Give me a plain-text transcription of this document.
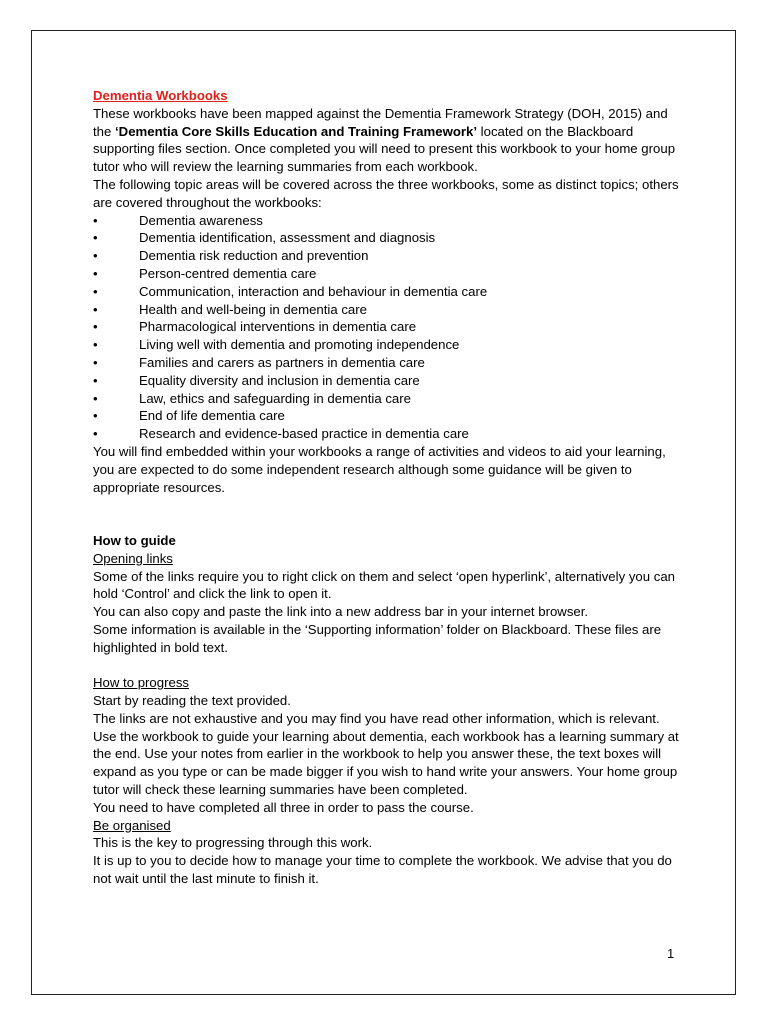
Dementia Workbooks

These workbooks have been mapped against the Dementia Framework Strategy (DOH, 2015) and the ‘Dementia Core Skills Education and Training Framework’ located on the Blackboard supporting files section. Once completed you will need to present this workbook to your home group tutor who will review the learning summaries from each workbook.

The following topic areas will be covered across the three workbooks, some as distinct topics; others are covered throughout the workbooks:

•	Dementia awareness
•	Dementia identification, assessment and diagnosis
•	Dementia risk reduction and prevention
•	Person-centred dementia care
•	Communication, interaction and behaviour in dementia care
•	Health and well-being in dementia care
•	Pharmacological interventions in dementia care
•	Living well with dementia and promoting independence
•	Families and carers as partners in dementia care
•	Equality diversity and inclusion in dementia care
•	Law, ethics and safeguarding in dementia care
•	End of life dementia care
•	Research and evidence-based practice in dementia care

You will find embedded within your workbooks a range of activities and videos to aid your learning, you are expected to do some independent research although some guidance will be given to appropriate resources.

How to guide

Opening links

Some of the links require you to right click on them and select ‘open hyperlink’, alternatively you can hold ‘Control’ and click the link to open it.

You can also copy and paste the link into a new address bar in your internet browser.

Some information is available in the ‘Supporting information’ folder on Blackboard. These files are highlighted in bold text.

How to progress

Start by reading the text provided.

The links are not exhaustive and you may find you have read other information, which is relevant.

Use the workbook to guide your learning about dementia, each workbook has a learning summary at the end. Use your notes from earlier in the workbook to help you answer these, the text boxes will expand as you type or can be made bigger if you wish to hand write your answers. Your home group tutor will check these learning summaries have been completed.

You need to have completed all three in order to pass the course.

Be organised

This is the key to progressing through this work.

It is up to you to decide how to manage your time to complete the workbook. We advise that you do not wait until the last minute to finish it.

1
